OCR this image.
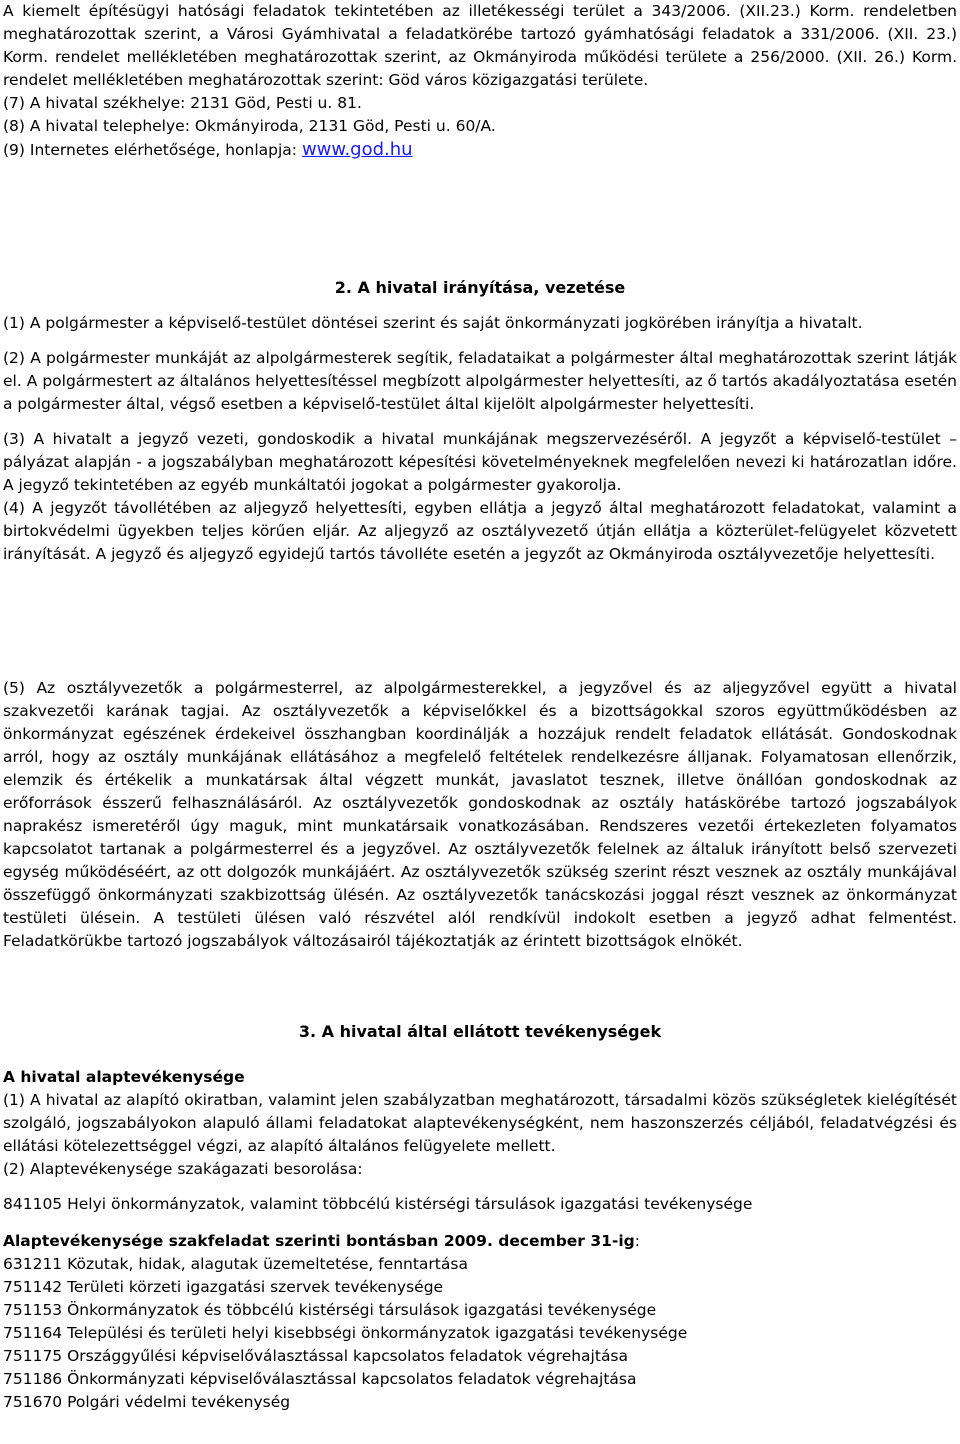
A kiemelt építésügyi hatósági feladatok tekintetében az illetékességi terület a 343/2006. (XII.23.) Korm. rendeletben meghatározottak szerint, a Városi Gyámhivatal a feladatkörébe tartozó gyámhatósági feladatok a 331/2006. (XII. 23.) Korm. rendelet mellékletében meghatározottak szerint, az Okmányiroda működési területe a 256/2000. (XII. 26.) Korm. rendelet mellékletében meghatározottak szerint: Göd város közigazgatási területe.

(7) A hivatal székhelye: 2131 Göd, Pesti u. 81.

(8) A hivatal telephelye: Okmányiroda, 2131 Göd, Pesti u. 60/A.

(9) Internetes elérhetősége, honlapja: www.god.hu

2. A hivatal irányítása, vezetése

(1) A polgármester a képviselő-testület döntései szerint és saját önkormányzati jogkörében irányítja a hivatalt.

(2) A polgármester munkáját az alpolgármesterek segítik, feladataikat a polgármester által meghatározottak szerint látják el. A polgármestert az általános helyettesítéssel megbízott alpolgármester helyettesíti, az ő tartós akadályoztatása esetén a polgármester által, végső esetben a képviselő-testület által kijelölt alpolgármester helyettesíti.

(3) A hivatalt a jegyző vezeti, gondoskodik a hivatal munkájának megszervezéséről. A jegyzőt a képviselő-testület – pályázat alapján - a jogszabályban meghatározott képesítési követelményeknek megfelelően nevezi ki határozatlan időre. A jegyző tekintetében az egyéb munkáltatói jogokat a polgármester gyakorolja.

(4) A jegyzőt távollétében az aljegyző helyettesíti, egyben ellátja a jegyző által meghatározott feladatokat, valamint a birtokvédelmi ügyekben teljes körűen eljár. Az aljegyző az osztályvezető útján ellátja a közterület-felügyelet közvetett irányítását. A jegyző és aljegyző egyidejű tartós távolléte esetén a jegyzőt az Okmányiroda osztályvezetője helyettesíti.

(5) Az osztályvezetők a polgármesterrel, az alpolgármesterekkel, a jegyzővel és az aljegyzővel együtt a hivatal szakvezetői karának tagjai. Az osztályvezetők a képviselőkkel és a bizottságokkal szoros együttműködésben az önkormányzat egészének érdekeivel összhangban koordinálják a hozzájuk rendelt feladatok ellátását. Gondoskodnak arról, hogy az osztály munkájának ellátásához a megfelelő feltételek rendelkezésre álljanak. Folyamatosan ellenőrzik, elemzik és értékelik a munkatársak által végzett munkát, javaslatot tesznek, illetve önállóan gondoskodnak az erőforrások ésszerű felhasználásáról. Az osztályvezetők gondoskodnak az osztály hatáskörébe tartozó jogszabályok naprakész ismeretéről úgy maguk, mint munkatársaik vonatkozásában. Rendszeres vezetői értekezleten folyamatos kapcsolatot tartanak a polgármesterrel és a jegyzővel. Az osztályvezetők felelnek az általuk irányított belső szervezeti egység működéséért, az ott dolgozók munkájáért. Az osztályvezetők szükség szerint részt vesznek az osztály munkájával összefüggő önkormányzati szakbizottság ülésén. Az osztályvezetők tanácskozási joggal részt vesznek az önkormányzat testületi ülésein. A testületi ülésen való részvétel alól rendkívül indokolt esetben a jegyző adhat felmentést. Feladatkörükbe tartozó jogszabályok változásairól tájékoztatják az érintett bizottságok elnökét.

3. A hivatal által ellátott tevékenységek

A hivatal alaptevékenysége

(1) A hivatal az alapító okiratban, valamint jelen szabályzatban meghatározott, társadalmi közös szükségletek kielégítését szolgáló, jogszabályokon alapuló állami feladatokat alaptevékenységként, nem haszonszerzés céljából, feladatvégzési és ellátási kötelezettséggel végzi, az alapító általános felügyelete mellett.

(2) Alaptevékenysége szakágazati besorolása:

841105 Helyi önkormányzatok, valamint többcélú kistérségi társulások igazgatási tevékenysége

Alaptevékenysége szakfeladat szerinti bontásban 2009. december 31-ig:

631211 Közutak, hidak, alagutak üzemeltetése, fenntartása

751142 Területi körzeti igazgatási szervek tevékenysége

751153 Önkormányzatok és többcélú kistérségi társulások igazgatási tevékenysége

751164 Települési és területi helyi kisebbségi önkormányzatok igazgatási tevékenysége

751175 Országgyűlési képviselőválasztással kapcsolatos feladatok végrehajtása

751186 Önkormányzati képviselőválasztással kapcsolatos feladatok végrehajtása

751670 Polgári védelmi tevékenység
